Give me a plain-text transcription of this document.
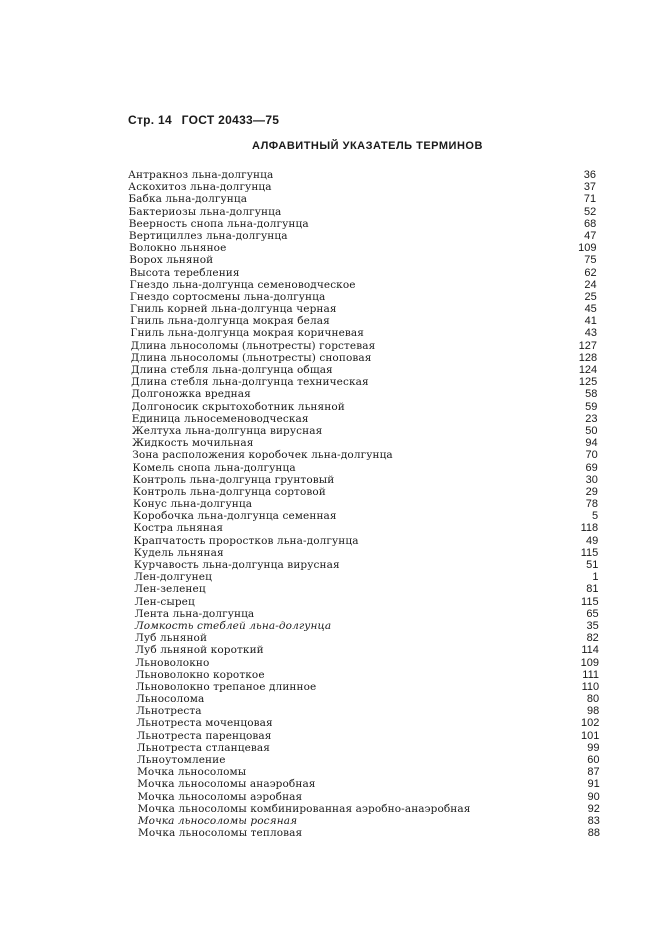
Стр. 14 ГОСТ 20433—75
АЛФАВИТНЫЙ УКАЗАТЕЛЬ ТЕРМИНОВ
Антракноз льна-долгунца	36
Аскохитоз льна-долгунца	37
Бабка льна-долгунца	71
Бактериозы льна-долгунца	52
Веерность снопа льна-долгунца	68
Вертициллез льна-долгунца	47
Волокно льняное	109
Ворох льняной	75
Высота теребления	62
Гнездо льна-долгунца семеноводческое	24
Гнездо сортосмены льна-долгунца	25
Гниль корней льна-долгунца черная	45
Гниль льна-долгунца мокрая белая	41
Гниль льна-долгунца мокрая коричневая	43
Длина льносоломы (льнотресты) горстевая	127
Длина льносоломы (льнотресты) сноповая	128
Длина стебля льна-долгунца общая	124
Длина стебля льна-долгунца техническая	125
Долгоножка вредная	58
Долгоносик скрытохоботник льняной	59
Единица льносеменоводческая	23
Желтуха льна-долгунца вирусная	50
Жидкость мочильная	94
Зона расположения коробочек льна-долгунца	70
Комель снопа льна-долгунца	69
Контроль льна-долгунца грунтовый	30
Контроль льна-долгунца сортовой	29
Конус льна-долгунца	78
Коробочка льна-долгунца семенная	5
Костра льняная	118
Крапчатость проростков льна-долгунца	49
Кудель льняная	115
Курчавость льна-долгунца вирусная	51
Лен-долгунец	1
Лен-зеленец	81
Лен-сырец	115
Лента льна-долгунца	65
Ломкость стеблей льна-долгунца	35
Луб льняной	82
Луб льняной короткий	114
Льноволокно	109
Льноволокно короткое	111
Льноволокно трепаное длинное	110
Льносолома	80
Льнотреста	98
Льнотреста моченцовая	102
Льнотреста паренцовая	101
Льнотреста стланцевая	99
Льноутомление	60
Мочка льносоломы	87
Мочка льносоломы анаэробная	91
Мочка льносоломы аэробная	90
Мочка льносоломы комбинированная аэробно-анаэробная	92
Мочка льносоломы росяная	83
Мочка льносоломы тепловая	88
